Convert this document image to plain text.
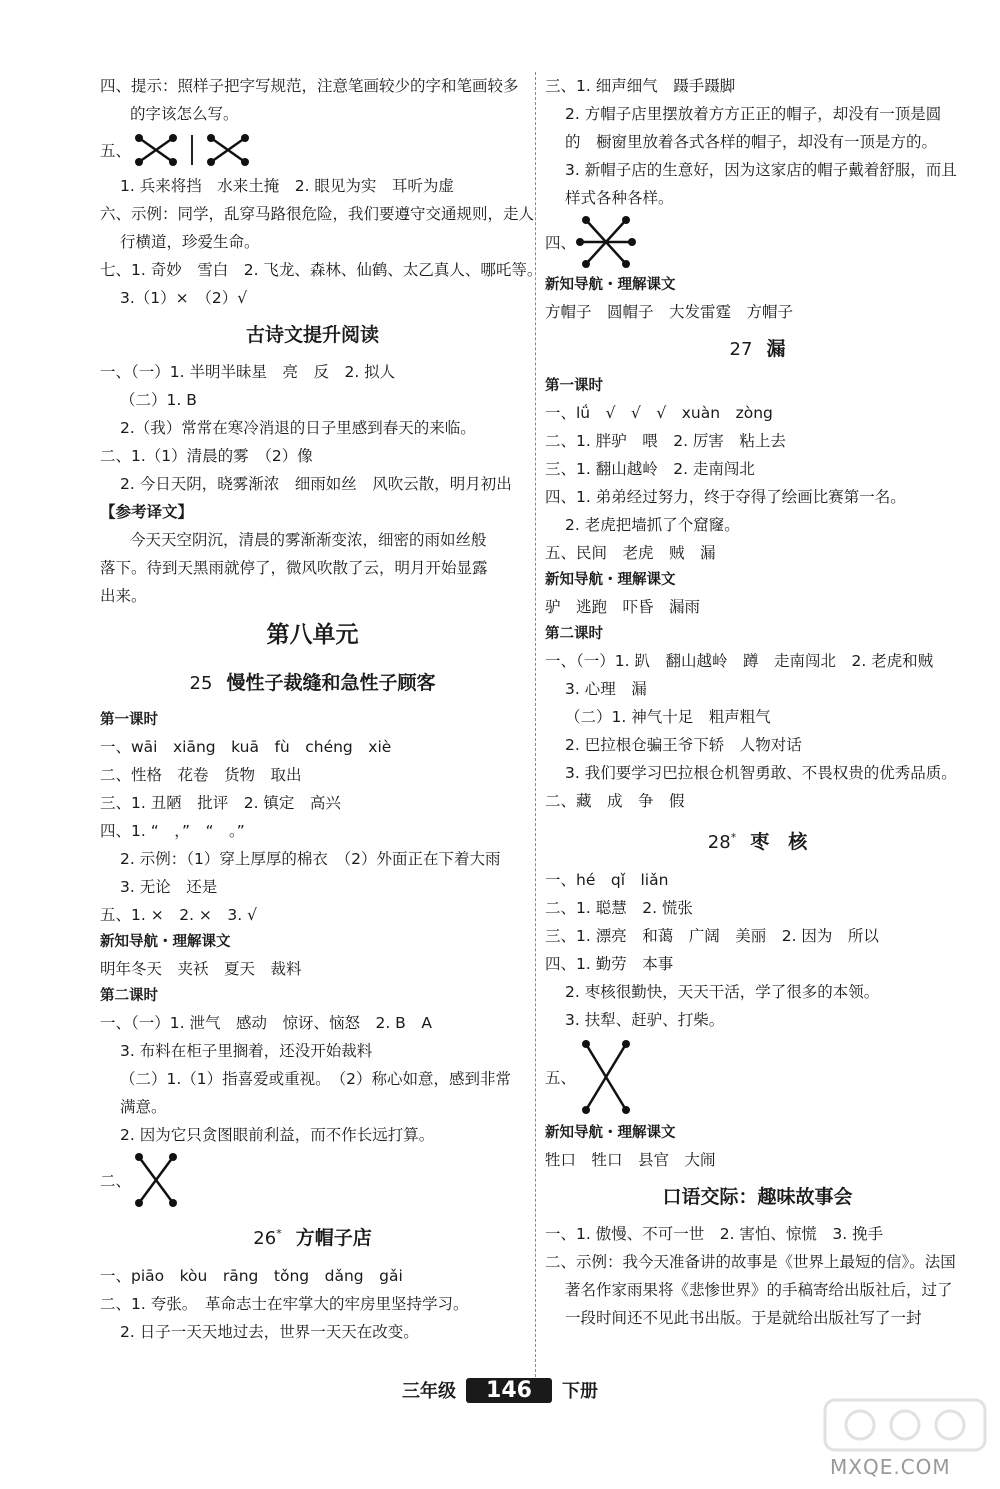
四、提示：照样子把字写规范，注意笔画较少的字和笔画较多
的字该怎么写。
五、
1. 兵来将挡　水来土掩　2. 眼见为实　耳听为虚
六、示例：同学，乱穿马路很危险，我们要遵守交通规则，走人
行横道，珍爱生命。
七、1. 奇妙　雪白　2. 飞龙、森林、仙鹤、太乙真人、哪吒等。
3.（1）×　（2）√
古诗文提升阅读
一、（一）1. 半明半昧星　亮　反　2. 拟人
（二）1. B
2.（我）常常在寒冷消退的日子里感到春天的来临。
二、1.（1）清晨的雾　（2）像
2. 今日天阴，晓雾渐浓　细雨如丝　风吹云散，明月初出
【参考译文】
今天天空阴沉，清晨的雾渐渐变浓，细密的雨如丝般
落下。待到天黑雨就停了，微风吹散了云，明月开始显露
出来。
第八单元
25 慢性子裁缝和急性子顾客
第一课时
一、wāi　xiāng　kuā　fù　chéng　xiè
二、性格　花卷　货物　取出
三、1. 丑陋　批评　2. 镇定　高兴
四、1. “　，”　“　。”
2. 示例：（1）穿上厚厚的棉衣　（2）外面正在下着大雨
3. 无论　还是
五、1. ×　2. ×　3. √
新知导航・理解课文
明年冬天　夹袄　夏天　裁料
第二课时
一、（一）1. 泄气　感动　惊讶、恼怒　2. B　A
3. 布料在柜子里搁着，还没开始裁料
（二）1.（1）指喜爱或重视。　（2）称心如意，感到非常
满意。
2. 因为它只贪图眼前利益，而不作长远打算。
二、
26* 方帽子店
一、piāo　kòu　rāng　tǒng　dǎng　gǎi
二、1. 夸张。　革命志士在牢掌大的牢房里坚持学习。
2. 日子一天天地过去，世界一天天在改变。
三、1. 细声细气　蹑手蹑脚
2. 方帽子店里摆放着方方正正的帽子，却没有一顶是圆
的　橱窗里放着各式各样的帽子，却没有一顶是方的。
3. 新帽子店的生意好，因为这家店的帽子戴着舒服，而且
样式各种各样。
四、
新知导航・理解课文
方帽子　圆帽子　大发雷霆　方帽子
27 漏
第一课时
一、lǘ　√　√　√　xuàn　zòng
二、1. 胖驴　喂　2. 厉害　粘上去
三、1. 翻山越岭　2. 走南闯北
四、1. 弟弟经过努力，终于夺得了绘画比赛第一名。
2. 老虎把墙抓了个窟窿。
五、民间　老虎　贼　漏
新知导航・理解课文
驴　逃跑　吓昏　漏雨
第二课时
一、（一）1. 趴　翻山越岭　蹲　走南闯北　2. 老虎和贼
3. 心理　漏
（二）1. 神气十足　粗声粗气
2. 巴拉根仓骗王爷下轿　人物对话
3. 我们要学习巴拉根仓机智勇敢、不畏权贵的优秀品质。
二、藏　成　争　假
28* 枣　核
一、hé　qǐ　liǎn
二、1. 聪慧　2. 慌张
三、1. 漂亮　和蔼　广阔　美丽　2. 因为　所以
四、1. 勤劳　本事
2. 枣核很勤快，天天干活，学了很多的本领。
3. 扶犁、赶驴、打柴。
五、
新知导航・理解课文
牲口　牲口　县官　大闹
口语交际：趣味故事会
一、1. 傲慢、不可一世　2. 害怕、惊慌　3. 挽手
二、示例：我今天准备讲的故事是《世界上最短的信》。法国
著名作家雨果将《悲惨世界》的手稿寄给出版社后，过了
一段时间还不见此书出版。于是就给出版社写了一封
三年级 146 下册
MXQE.COM
